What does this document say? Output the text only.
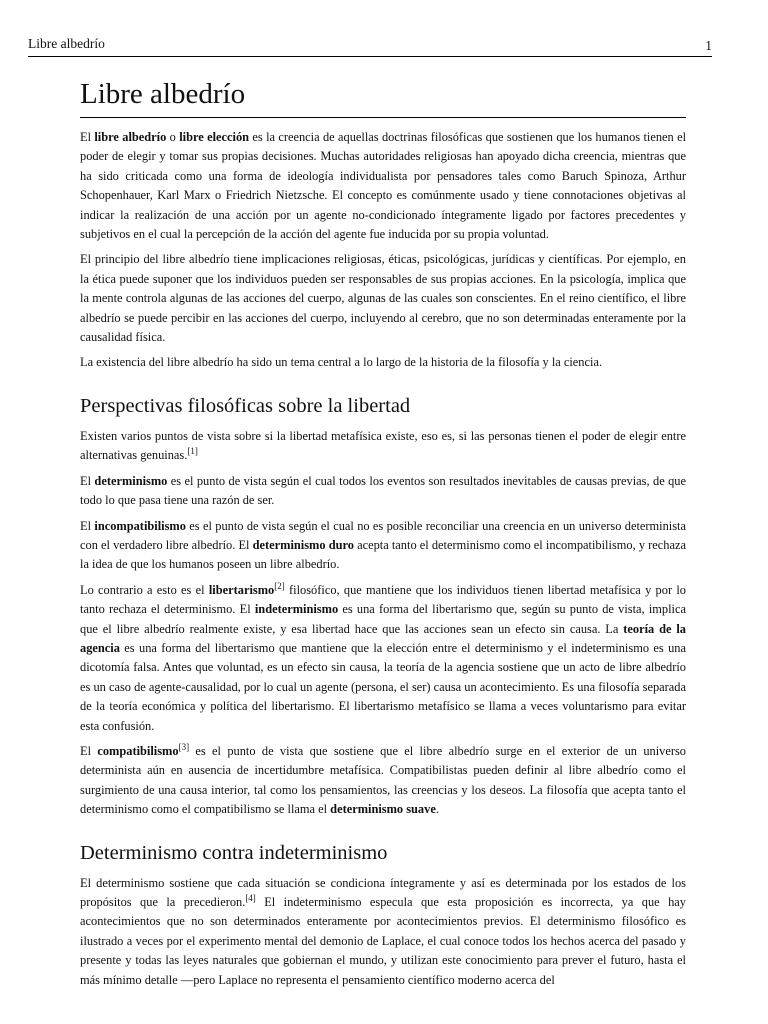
Libre albedrío	1
Libre albedrío

El libre albedrío o libre elección es la creencia de aquellas doctrinas filosóficas que sostienen que los humanos tienen el poder de elegir y tomar sus propias decisiones. Muchas autoridades religiosas han apoyado dicha creencia, mientras que ha sido criticada como una forma de ideología individualista por pensadores tales como Baruch Spinoza, Arthur Schopenhauer, Karl Marx o Friedrich Nietzsche. El concepto es comúnmente usado y tiene connotaciones objetivas al indicar la realización de una acción por un agente no-condicionado íntegramente ligado por factores precedentes y subjetivos en el cual la percepción de la acción del agente fue inducida por su propia voluntad.

El principio del libre albedrío tiene implicaciones religiosas, éticas, psicológicas, jurídicas y científicas. Por ejemplo, en la ética puede suponer que los individuos pueden ser responsables de sus propias acciones. En la psicología, implica que la mente controla algunas de las acciones del cuerpo, algunas de las cuales son conscientes. En el reino científico, el libre albedrío se puede percibir en las acciones del cuerpo, incluyendo al cerebro, que no son determinadas enteramente por la causalidad física.

La existencia del libre albedrío ha sido un tema central a lo largo de la historia de la filosofía y la ciencia.

Perspectivas filosóficas sobre la libertad

Existen varios puntos de vista sobre si la libertad metafísica existe, eso es, si las personas tienen el poder de elegir entre alternativas genuinas.[1]

El determinismo es el punto de vista según el cual todos los eventos son resultados inevitables de causas previas, de que todo lo que pasa tiene una razón de ser.

El incompatibilismo es el punto de vista según el cual no es posible reconciliar una creencia en un universo determinista con el verdadero libre albedrío. El determinismo duro acepta tanto el determinismo como el incompatibilismo, y rechaza la idea de que los humanos poseen un libre albedrío.

Lo contrario a esto es el libertarismo[2] filosófico, que mantiene que los individuos tienen libertad metafísica y por lo tanto rechaza el determinismo. El indeterminismo es una forma del libertarismo que, según su punto de vista, implica que el libre albedrío realmente existe, y esa libertad hace que las acciones sean un efecto sin causa. La teoría de la agencia es una forma del libertarismo que mantiene que la elección entre el determinismo y el indeterminismo es una dicotomía falsa. Antes que voluntad, es un efecto sin causa, la teoría de la agencia sostiene que un acto de libre albedrío es un caso de agente-causalidad, por lo cual un agente (persona, el ser) causa un acontecimiento. Es una filosofía separada de la teoría económica y política del libertarismo. El libertarismo metafísico se llama a veces voluntarismo para evitar esta confusión.

El compatibilismo[3] es el punto de vista que sostiene que el libre albedrío surge en el exterior de un universo determinista aún en ausencia de incertidumbre metafísica. Compatibilistas pueden definir al libre albedrío como el surgimiento de una causa interior, tal como los pensamientos, las creencias y los deseos. La filosofía que acepta tanto el determinismo como el compatibilismo se llama el determinismo suave.

Determinismo contra indeterminismo

El determinismo sostiene que cada situación se condiciona íntegramente y así es determinada por los estados de los propósitos que la precedieron.[4] El indeterminismo especula que esta proposición es incorrecta, ya que hay acontecimientos que no son determinados enteramente por acontecimientos previos. El determinismo filosófico es ilustrado a veces por el experimento mental del demonio de Laplace, el cual conoce todos los hechos acerca del pasado y presente y todas las leyes naturales que gobiernan el mundo, y utilizan este conocimiento para prever el futuro, hasta el más mínimo detalle —pero Laplace no representa el pensamiento científico moderno acerca del
